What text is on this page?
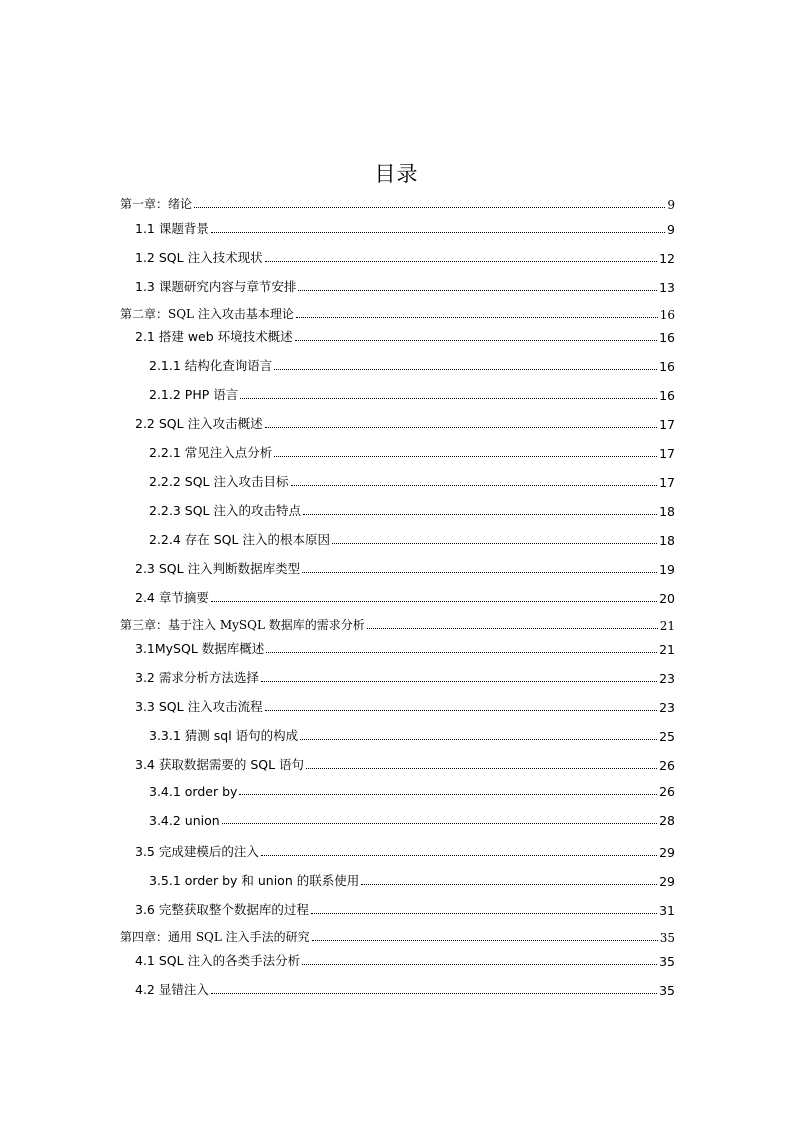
目录
第一章：绪论	9
1.1 课题背景	9
1.2 SQL 注入技术现状	12
1.3 课题研究内容与章节安排	13
第二章：SQL 注入攻击基本理论	16
2.1 搭建 web 环境技术概述	16
2.1.1 结构化查询语言	16
2.1.2 PHP 语言	16
2.2 SQL 注入攻击概述	17
2.2.1 常见注入点分析	17
2.2.2 SQL 注入攻击目标	17
2.2.3 SQL 注入的攻击特点	18
2.2.4 存在 SQL 注入的根本原因	18
2.3 SQL 注入判断数据库类型	19
2.4 章节摘要	20
第三章：基于注入 MySQL 数据库的需求分析	21
3.1MySQL 数据库概述	21
3.2 需求分析方法选择	23
3.3 SQL 注入攻击流程	23
3.3.1 猜测 sql 语句的构成	25
3.4 获取数据需要的 SQL 语句	26
3.4.1 order by	26
3.4.2 union	28
3.5 完成建模后的注入	29
3.5.1 order by 和 union 的联系使用	29
3.6 完整获取整个数据库的过程	31
第四章：通用 SQL 注入手法的研究	35
4.1 SQL 注入的各类手法分析	35
4.2 显错注入	35
